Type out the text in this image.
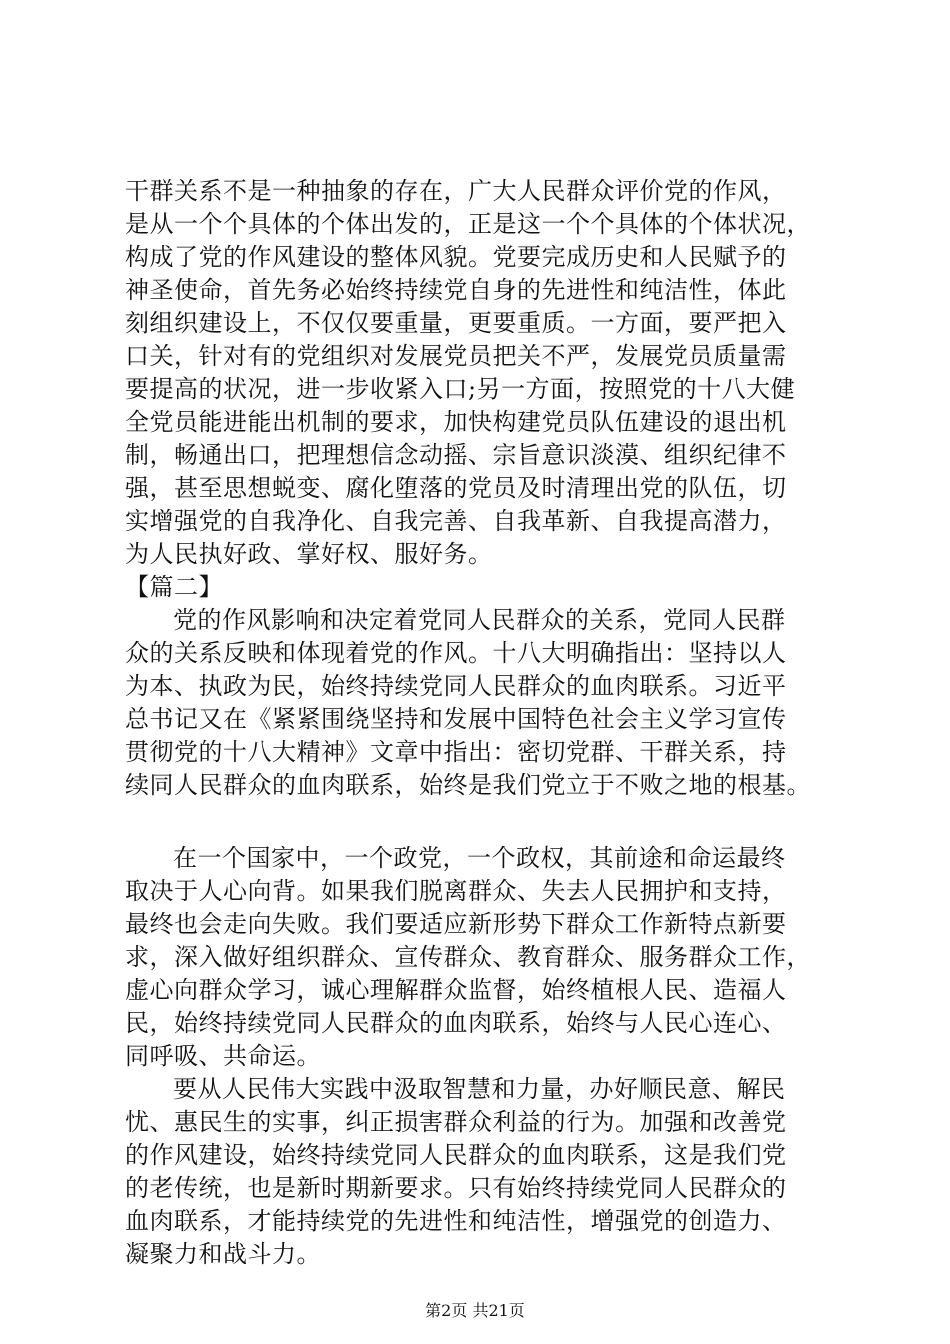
干群关系不是一种抽象的存在，广大人民群众评价党的作风，
是从一个个具体的个体出发的，正是这一个个具体的个体状况，
构成了党的作风建设的整体风貌。党要完成历史和人民赋予的
神圣使命，首先务必始终持续党自身的先进性和纯洁性，体此
刻组织建设上，不仅仅要重量，更要重质。一方面，要严把入
口关，针对有的党组织对发展党员把关不严，发展党员质量需
要提高的状况，进一步收紧入口;另一方面，按照党的十八大健
全党员能进能出机制的要求，加快构建党员队伍建设的退出机
制，畅通出口，把理想信念动摇、宗旨意识淡漠、组织纪律不
强，甚至思想蜕变、腐化堕落的党员及时清理出党的队伍，切
实增强党的自我净化、自我完善、自我革新、自我提高潜力，
为人民执好政、掌好权、服好务。
【篇二】
党的作风影响和决定着党同人民群众的关系，党同人民群
众的关系反映和体现着党的作风。十八大明确指出：坚持以人
为本、执政为民，始终持续党同人民群众的血肉联系。习近平
总书记又在《紧紧围绕坚持和发展中国特色社会主义学习宣传
贯彻党的十八大精神》文章中指出：密切党群、干群关系，持
续同人民群众的血肉联系，始终是我们党立于不败之地的根基。
在一个国家中，一个政党，一个政权，其前途和命运最终
取决于人心向背。如果我们脱离群众、失去人民拥护和支持，
最终也会走向失败。我们要适应新形势下群众工作新特点新要
求，深入做好组织群众、宣传群众、教育群众、服务群众工作，
虚心向群众学习，诚心理解群众监督，始终植根人民、造福人
民，始终持续党同人民群众的血肉联系，始终与人民心连心、
同呼吸、共命运。
要从人民伟大实践中汲取智慧和力量，办好顺民意、解民
忧、惠民生的实事，纠正损害群众利益的行为。加强和改善党
的作风建设，始终持续党同人民群众的血肉联系，这是我们党
的老传统，也是新时期新要求。只有始终持续党同人民群众的
血肉联系，才能持续党的先进性和纯洁性，增强党的创造力、
凝聚力和战斗力。
第2页 共21页
